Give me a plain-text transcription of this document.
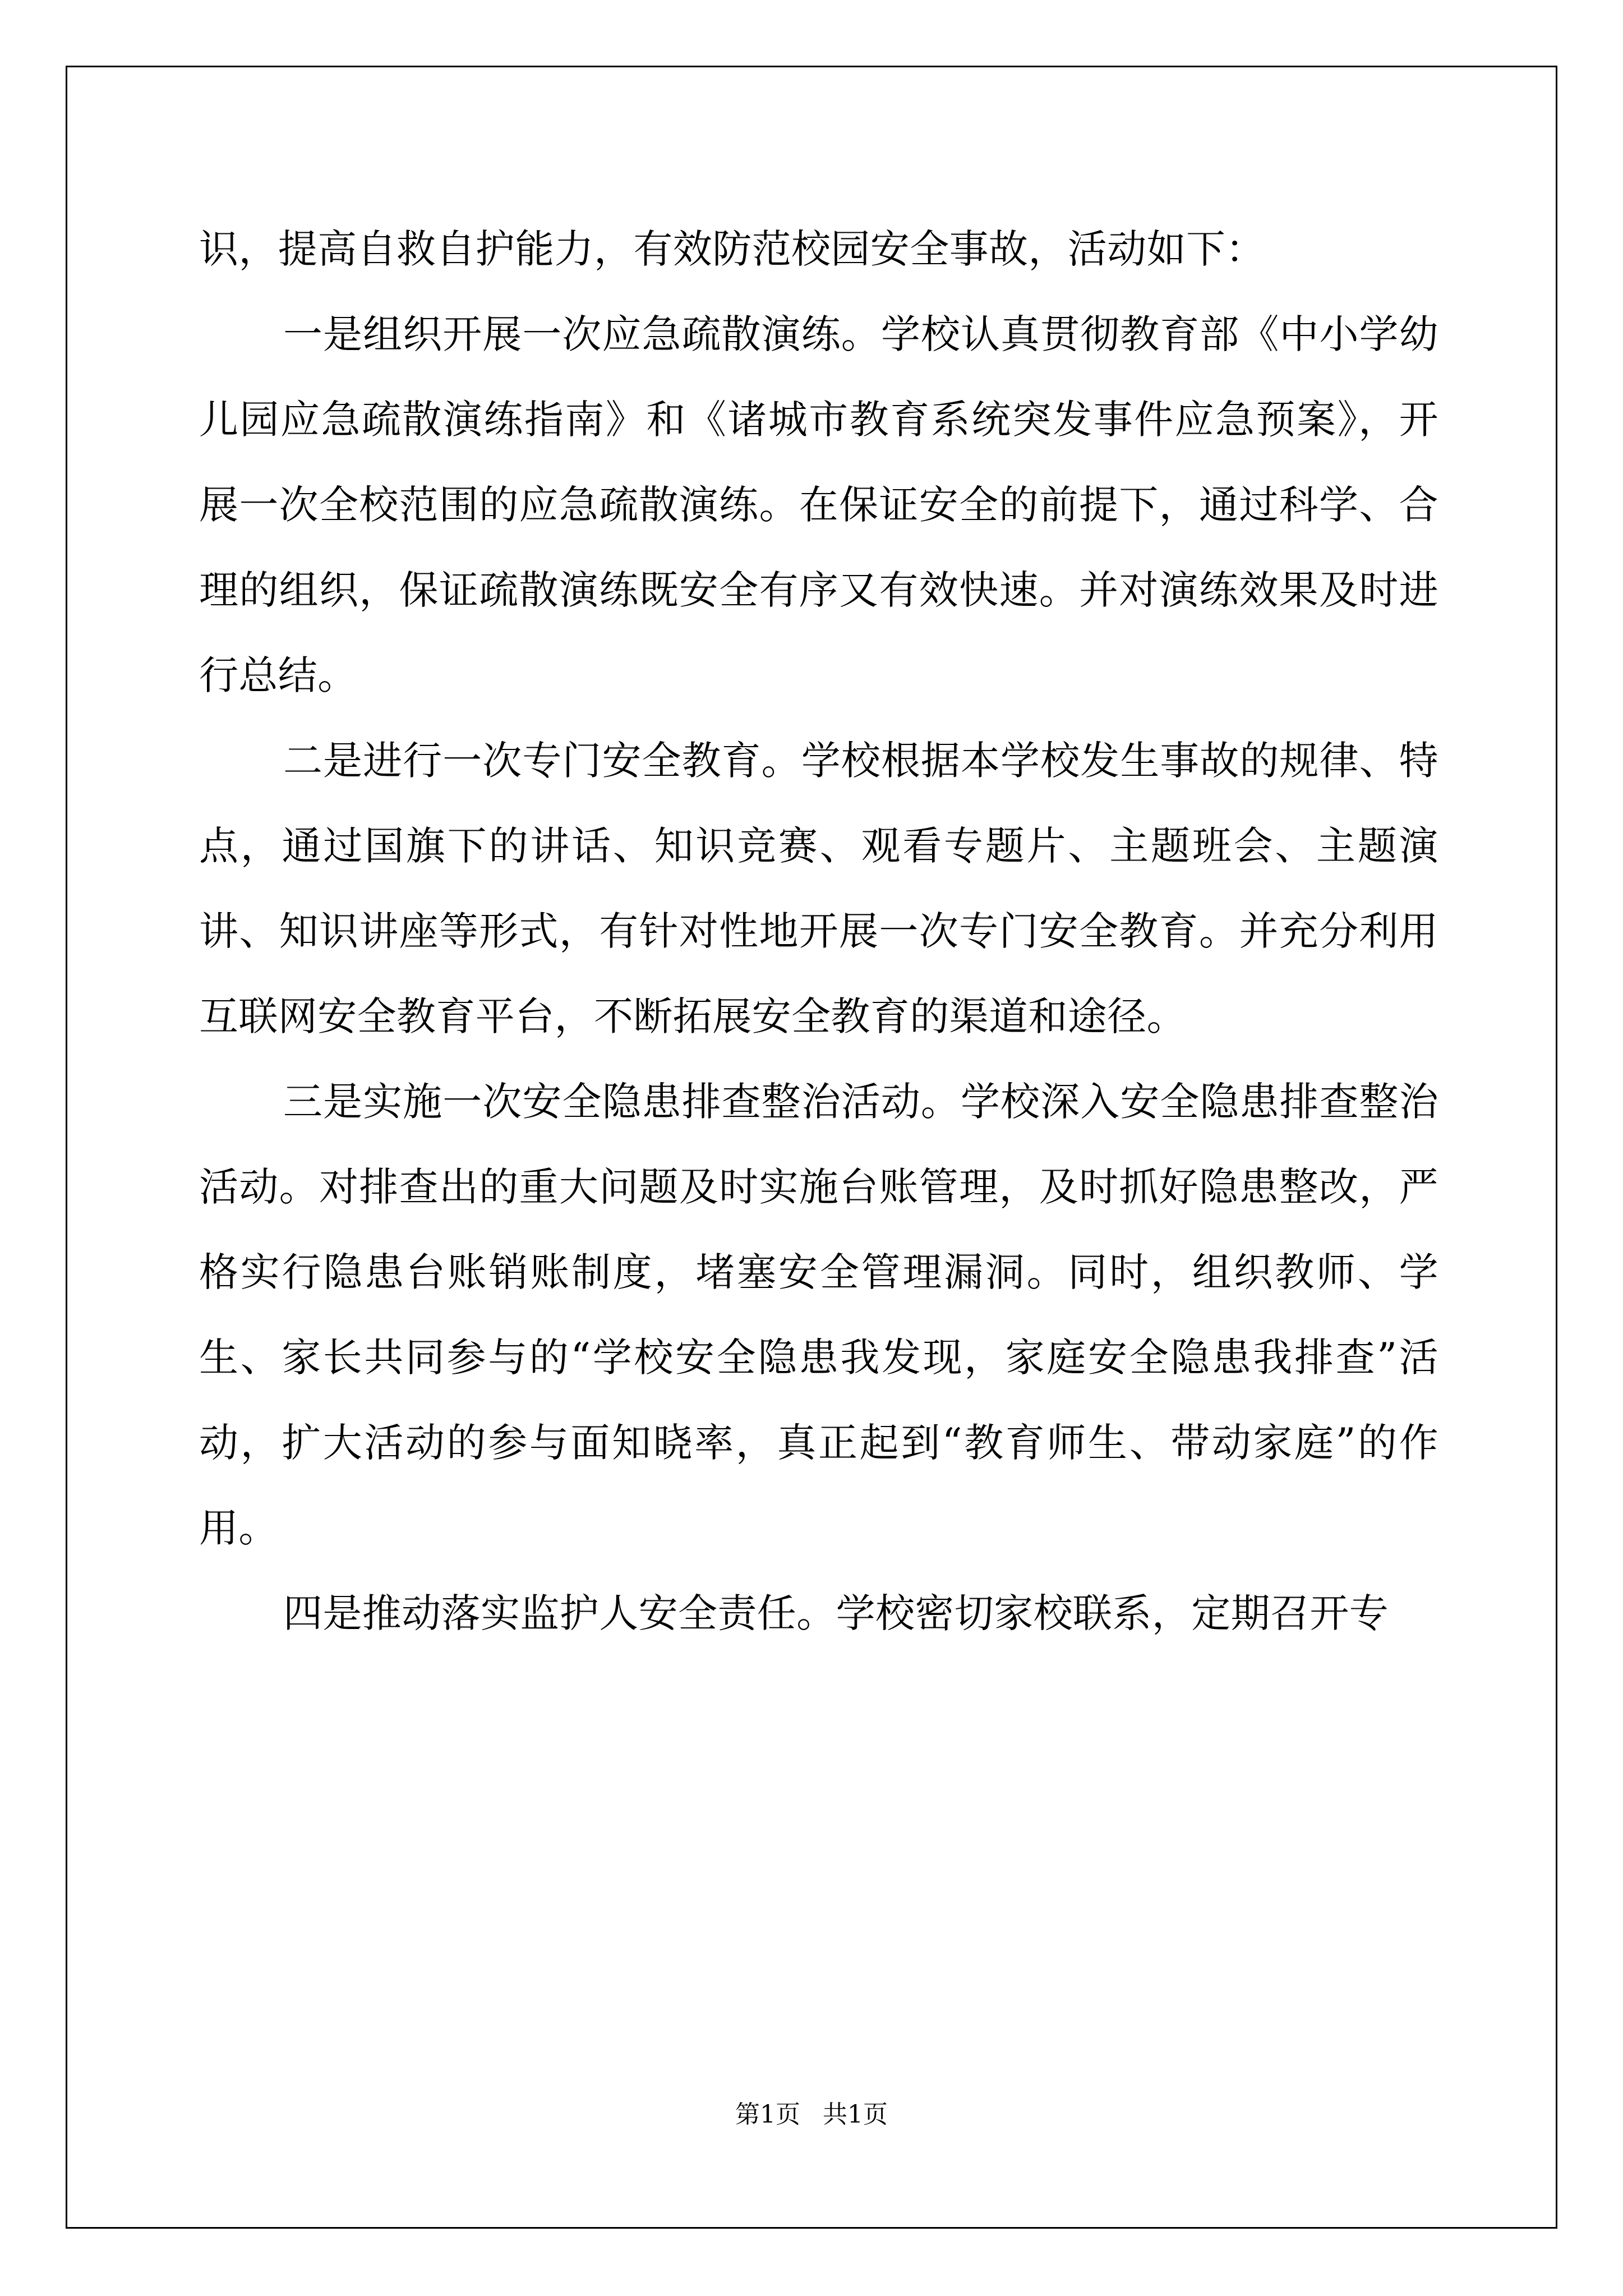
识，提高自救自护能力，有效防范校园安全事故，活动如下：

一是组织开展一次应急疏散演练。学校认真贯彻教育部《中小学幼儿园应急疏散演练指南》和《诸城市教育系统突发事件应急预案》，开展一次全校范围的应急疏散演练。在保证安全的前提下，通过科学、合理的组织，保证疏散演练既安全有序又有效快速。并对演练效果及时进行总结。

二是进行一次专门安全教育。学校根据本学校发生事故的规律、特点，通过国旗下的讲话、知识竞赛、观看专题片、主题班会、主题演讲、知识讲座等形式，有针对性地开展一次专门安全教育。并充分利用互联网安全教育平台，不断拓展安全教育的渠道和途径。

三是实施一次安全隐患排查整治活动。学校深入安全隐患排查整治活动。对排查出的重大问题及时实施台账管理，及时抓好隐患整改，严格实行隐患台账销账制度，堵塞安全管理漏洞。同时，组织教师、学生、家长共同参与的“学校安全隐患我发现，家庭安全隐患我排查”活动，扩大活动的参与面知晓率，真正起到“教育师生、带动家庭”的作用。

四是推动落实监护人安全责任。学校密切家校联系，定期召开专

第1页 共1页
